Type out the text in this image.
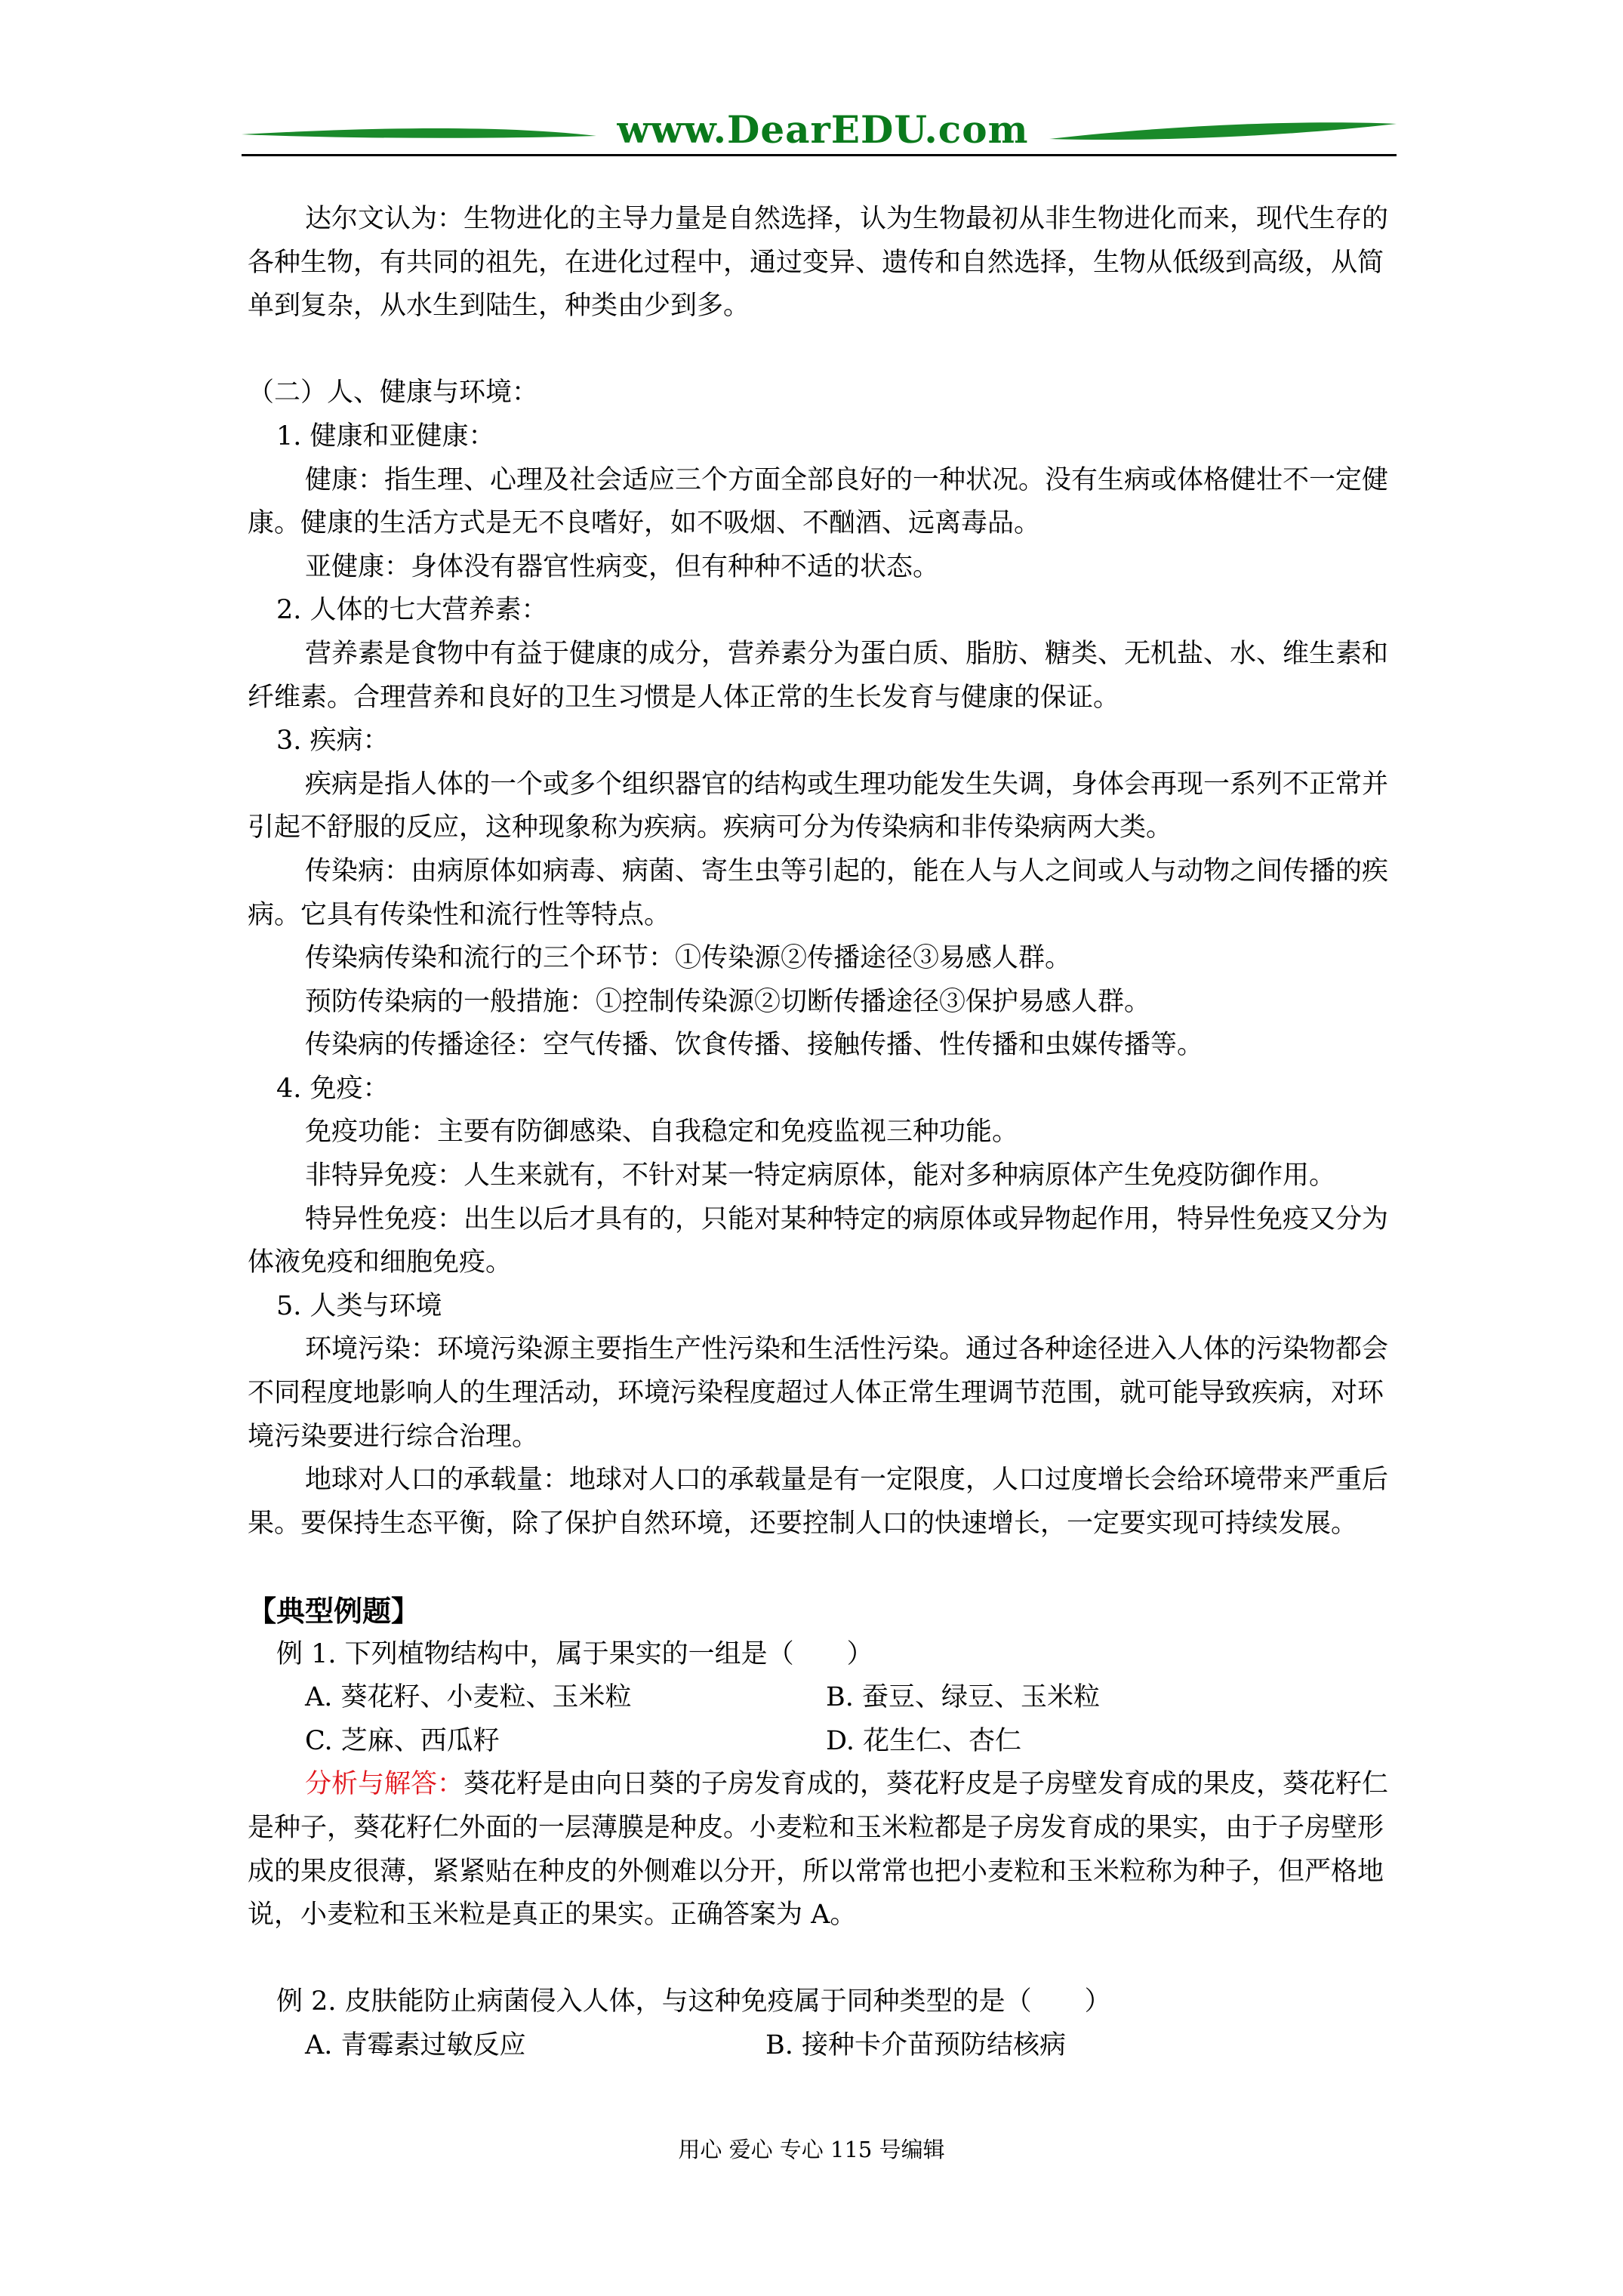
www.DearEDU.com

达尔文认为：生物进化的主导力量是自然选择，认为生物最初从非生物进化而来，现代生存的各种生物，有共同的祖先，在进化过程中，通过变异、遗传和自然选择，生物从低级到高级，从简单到复杂，从水生到陆生，种类由少到多。

（二）人、健康与环境：

1. 健康和亚健康：

健康：指生理、心理及社会适应三个方面全部良好的一种状况。没有生病或体格健壮不一定健康。健康的生活方式是无不良嗜好，如不吸烟、不酗酒、远离毒品。

亚健康：身体没有器官性病变，但有种种不适的状态。

2. 人体的七大营养素：

营养素是食物中有益于健康的成分，营养素分为蛋白质、脂肪、糖类、无机盐、水、维生素和纤维素。合理营养和良好的卫生习惯是人体正常的生长发育与健康的保证。

3. 疾病：

疾病是指人体的一个或多个组织器官的结构或生理功能发生失调，身体会再现一系列不正常并引起不舒服的反应，这种现象称为疾病。疾病可分为传染病和非传染病两大类。

传染病：由病原体如病毒、病菌、寄生虫等引起的，能在人与人之间或人与动物之间传播的疾病。它具有传染性和流行性等特点。

传染病传染和流行的三个环节：①传染源②传播途径③易感人群。

预防传染病的一般措施：①控制传染源②切断传播途径③保护易感人群。

传染病的传播途径：空气传播、饮食传播、接触传播、性传播和虫媒传播等。

4. 免疫：

免疫功能：主要有防御感染、自我稳定和免疫监视三种功能。

非特异免疫：人生来就有，不针对某一特定病原体，能对多种病原体产生免疫防御作用。

特异性免疫：出生以后才具有的，只能对某种特定的病原体或异物起作用，特异性免疫又分为体液免疫和细胞免疫。

5. 人类与环境

环境污染：环境污染源主要指生产性污染和生活性污染。通过各种途径进入人体的污染物都会不同程度地影响人的生理活动，环境污染程度超过人体正常生理调节范围，就可能导致疾病，对环境污染要进行综合治理。

地球对人口的承载量：地球对人口的承载量是有一定限度，人口过度增长会给环境带来严重后果。要保持生态平衡，除了保护自然环境，还要控制人口的快速增长，一定要实现可持续发展。

【典型例题】

例 1. 下列植物结构中，属于果实的一组是（　　）

A. 葵花籽、小麦粒、玉米粒	B. 蚕豆、绿豆、玉米粒
C. 芝麻、西瓜籽	D. 花生仁、杏仁

分析与解答：葵花籽是由向日葵的子房发育成的，葵花籽皮是子房壁发育成的果皮，葵花籽仁是种子，葵花籽仁外面的一层薄膜是种皮。小麦粒和玉米粒都是子房发育成的果实，由于子房壁形成的果皮很薄，紧紧贴在种皮的外侧难以分开，所以常常也把小麦粒和玉米粒称为种子，但严格地说，小麦粒和玉米粒是真正的果实。正确答案为 A。

例 2. 皮肤能防止病菌侵入人体，与这种免疫属于同种类型的是（　　）

A. 青霉素过敏反应	B. 接种卡介苗预防结核病
用心 爱心 专心 115 号编辑
